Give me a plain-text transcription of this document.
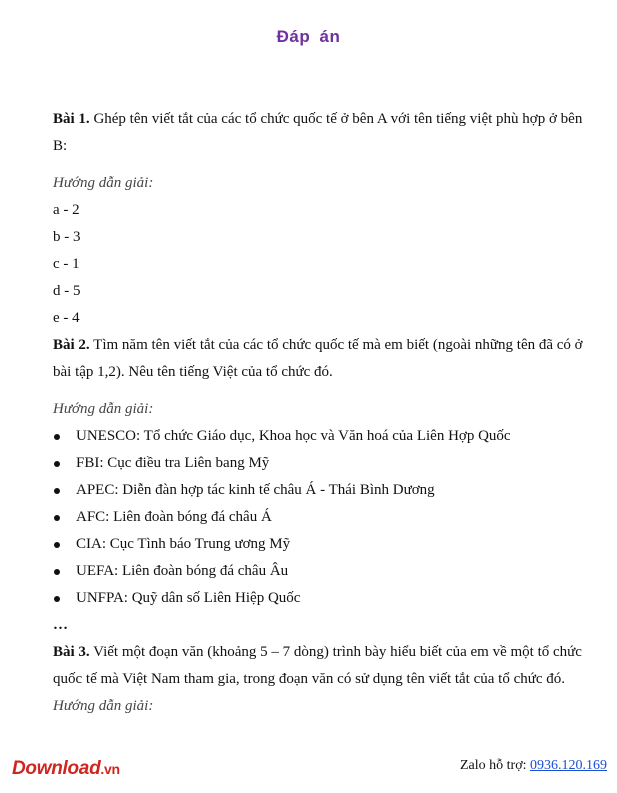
Đáp án

Bài 1. Ghép tên viết tắt của các tổ chức quốc tế ở bên A với tên tiếng việt phù hợp ở bên B:

Hướng dẫn giải:
a - 2
b - 3
c - 1
d - 5
e - 4

Bài 2. Tìm năm tên viết tắt của các tổ chức quốc tế mà em biết (ngoài những tên đã có ở bài tập 1,2). Nêu tên tiếng Việt của tổ chức đó.

Hướng dẫn giải:
UNESCO: Tổ chức Giáo dục, Khoa học và Văn hoá của Liên Hợp Quốc
FBI: Cục điều tra Liên bang Mỹ
APEC: Diễn đàn hợp tác kinh tế châu Á - Thái Bình Dương
AFC: Liên đoàn bóng đá châu Á
CIA: Cục Tình báo Trung ương Mỹ
UEFA: Liên đoàn bóng đá châu Âu
UNFPA: Quỹ dân số Liên Hiệp Quốc
…

Bài 3. Viết một đoạn văn (khoảng 5 – 7 dòng) trình bày hiểu biết của em về một tổ chức quốc tế mà Việt Nam tham gia, trong đoạn văn có sử dụng tên viết tắt của tổ chức đó.

Hướng dẫn giải:
Download.vn	Zalo hỗ trợ: 0936.120.169
